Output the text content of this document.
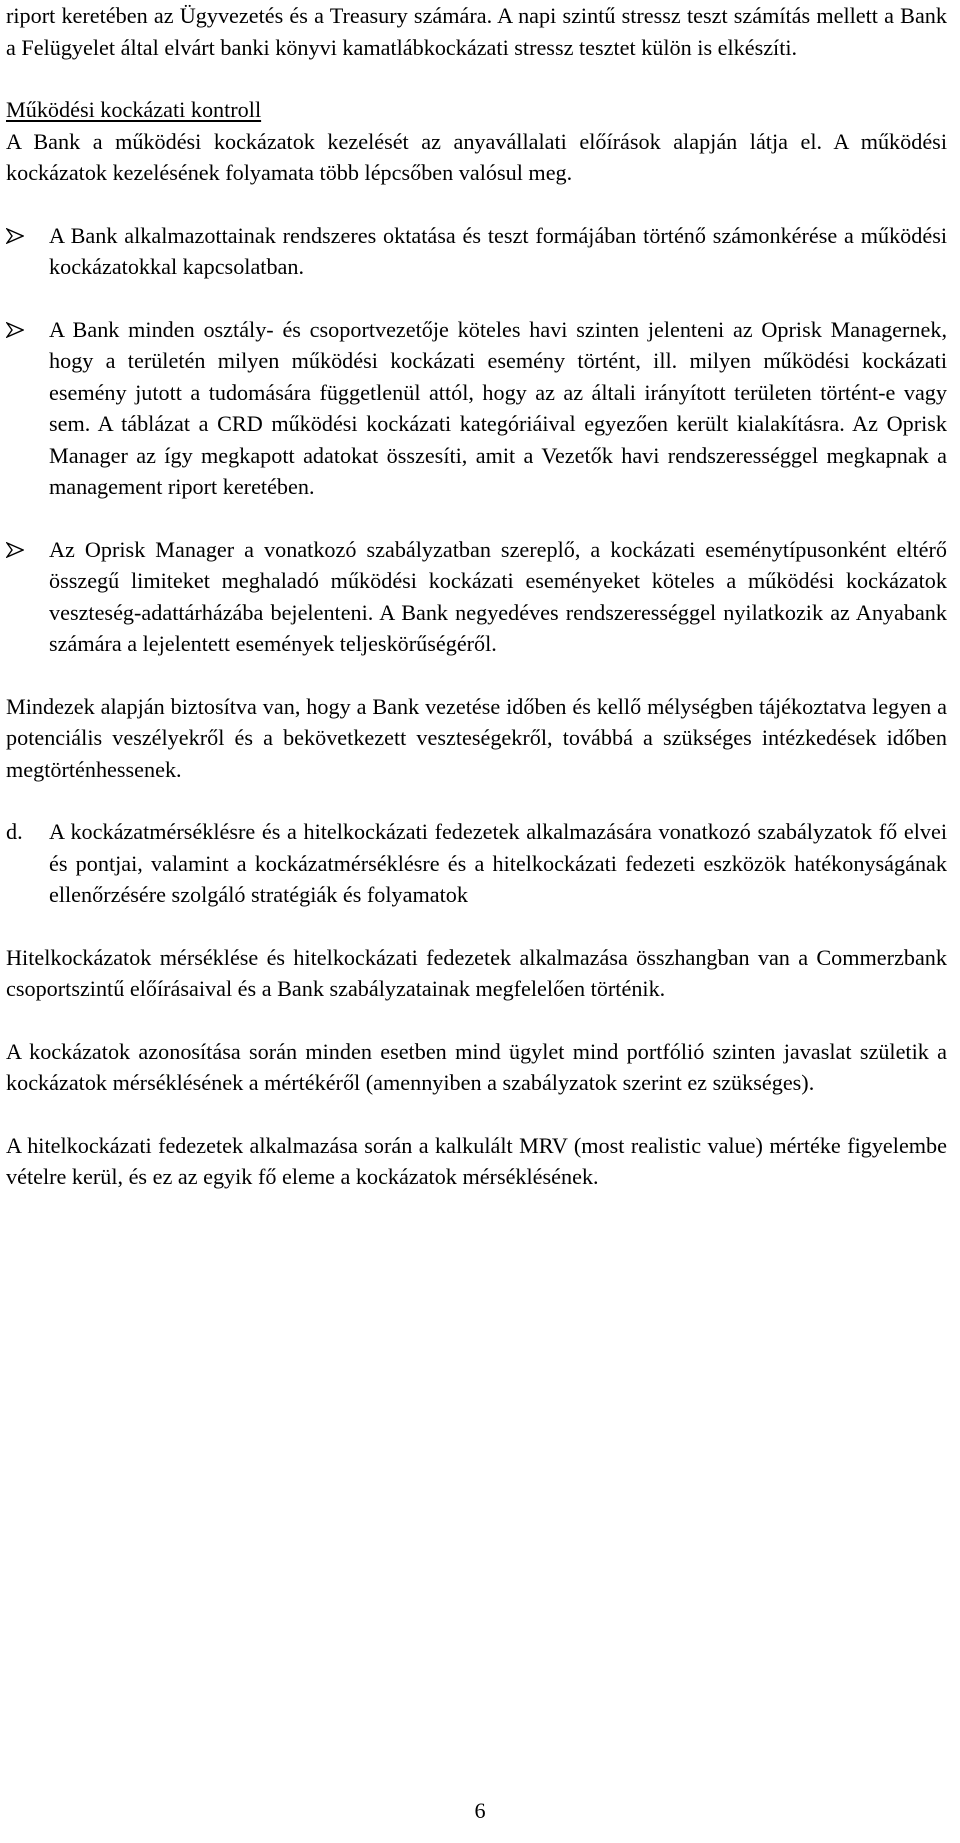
riport keretében az Ügyvezetés és a Treasury számára. A napi szintű stressz teszt számítás mellett a Bank a Felügyelet által elvárt banki könyvi kamatlábkockázati stressz tesztet külön is elkészíti.

Működési kockázati kontroll

A Bank a működési kockázatok kezelését az anyavállalati előírások alapján látja el. A működési kockázatok kezelésének folyamata több lépcsőben valósul meg.

A Bank alkalmazottainak rendszeres oktatása és teszt formájában történő számonkérése a működési kockázatokkal kapcsolatban.
A Bank minden osztály- és csoportvezetője köteles havi szinten jelenteni az Oprisk Managernek, hogy a területén milyen működési kockázati esemény történt, ill. milyen működési kockázati esemény jutott a tudomására függetlenül attól, hogy az az általi irányított területen történt-e vagy sem. A táblázat a CRD működési kockázati kategóriáival egyezően került kialakításra. Az Oprisk Manager az így megkapott adatokat összesíti, amit a Vezetők havi rendszerességgel megkapnak a management riport keretében.
Az Oprisk Manager a vonatkozó szabályzatban szereplő, a kockázati eseménytípusonként eltérő összegű limiteket meghaladó működési kockázati eseményeket köteles a működési kockázatok veszteség-adattárházába bejelenteni. A Bank negyedéves rendszerességgel nyilatkozik az Anyabank számára a lejelentett események teljeskörűségéről.

Mindezek alapján biztosítva van, hogy a Bank vezetése időben és kellő mélységben tájékoztatva legyen a potenciális veszélyekről és a bekövetkezett veszteségekről, továbbá a szükséges intézkedések időben megtörténhessenek.

d. A kockázatmérséklésre és a hitelkockázati fedezetek alkalmazására vonatkozó szabályzatok fő elvei és pontjai, valamint a kockázatmérséklésre és a hitelkockázati fedezeti eszközök hatékonyságának ellenőrzésére szolgáló stratégiák és folyamatok

Hitelkockázatok mérséklése és hitelkockázati fedezetek alkalmazása összhangban van a Commerzbank csoportszintű előírásaival és a Bank szabályzatainak megfelelően történik.

A kockázatok azonosítása során minden esetben mind ügylet mind portfólió szinten javaslat születik a kockázatok mérséklésének a mértékéről (amennyiben a szabályzatok szerint ez szükséges).

A hitelkockázati fedezetek alkalmazása során a kalkulált MRV (most realistic value) mértéke figyelembe vételre kerül, és ez az egyik fő eleme a kockázatok mérséklésének.

6
